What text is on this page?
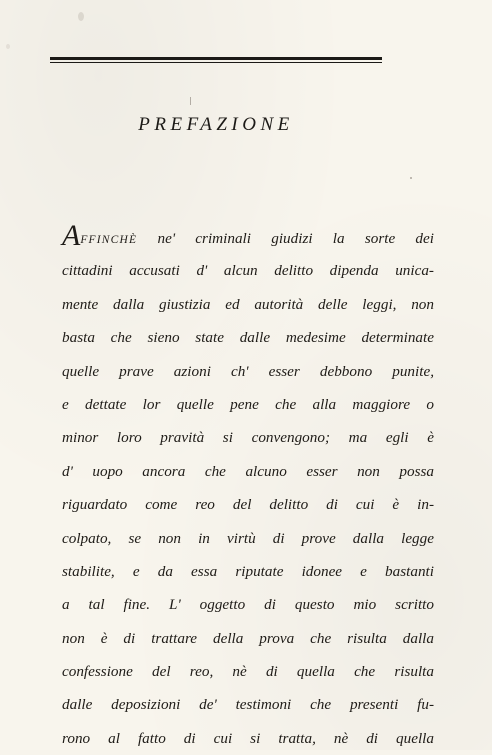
PREFAZIONE
AFFINCHÈ ne' criminali giudizi la sorte dei
cittadini accusati d' alcun delitto dipenda unica-
mente dalla giustizia ed autorità delle leggi, non
basta che sieno state dalle medesime determinate
quelle prave azioni ch' esser debbono punite,
e dettate lor quelle pene che alla maggiore o
minor loro pravità si convengono; ma egli è
d' uopo ancora che alcuno esser non possa
riguardato come reo del delitto di cui è in-
colpato, se non in virtù di prove dalla legge
stabilite, e da essa riputate idonee e bastanti
a tal fine. L' oggetto di questo mio scritto
non è di trattare della prova che risulta dalla
confessione del reo, nè di quella che risulta
dalle deposizioni de' testimoni che presenti fu-
rono al fatto di cui si tratta, nè di quella
